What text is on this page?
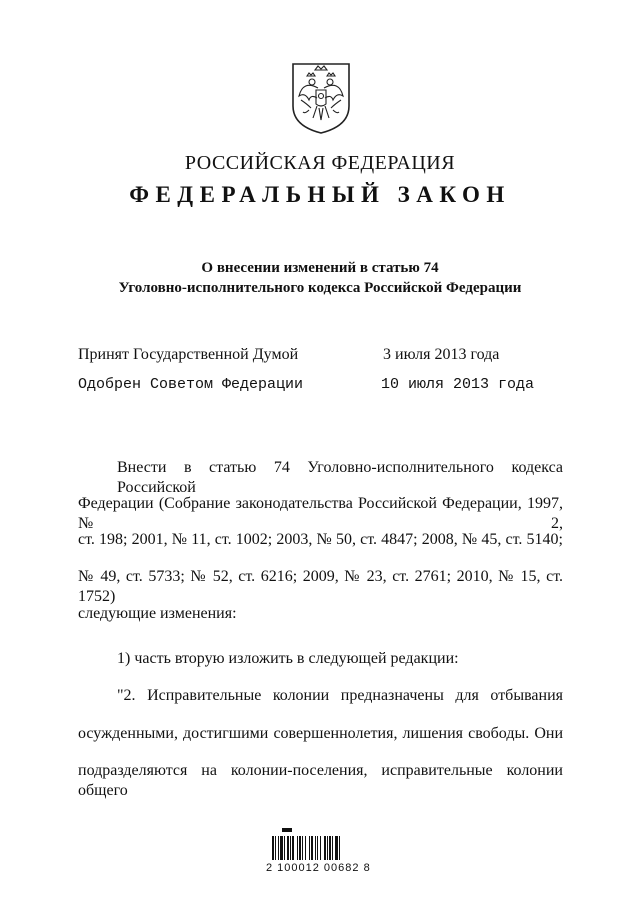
РОССИЙСКАЯ ФЕДЕРАЦИЯ
ФЕДЕРАЛЬНЫЙ ЗАКОН
О внесении изменений в статью 74
Уголовно-исполнительного кодекса Российской Федерации
Принят Государственной Думой	3 июля 2013 года
Одобрен Советом Федерации	10 июля 2013 года
Внести в статью 74 Уголовно-исполнительного кодекса Российской
Федерации (Собрание законодательства Российской Федерации, 1997, № 2,
ст. 198; 2001, № 11, ст. 1002; 2003, № 50, ст. 4847; 2008, № 45, ст. 5140;
№ 49, ст. 5733; № 52, ст. 6216; 2009, № 23, ст. 2761; 2010, № 15, ст. 1752)
следующие изменения:
1) часть вторую изложить в следующей редакции:
"2. Исправительные колонии предназначены для отбывания
осужденными, достигшими совершеннолетия, лишения свободы. Они
подразделяются на колонии-поселения, исправительные колонии общего
2 100012 00682 8
